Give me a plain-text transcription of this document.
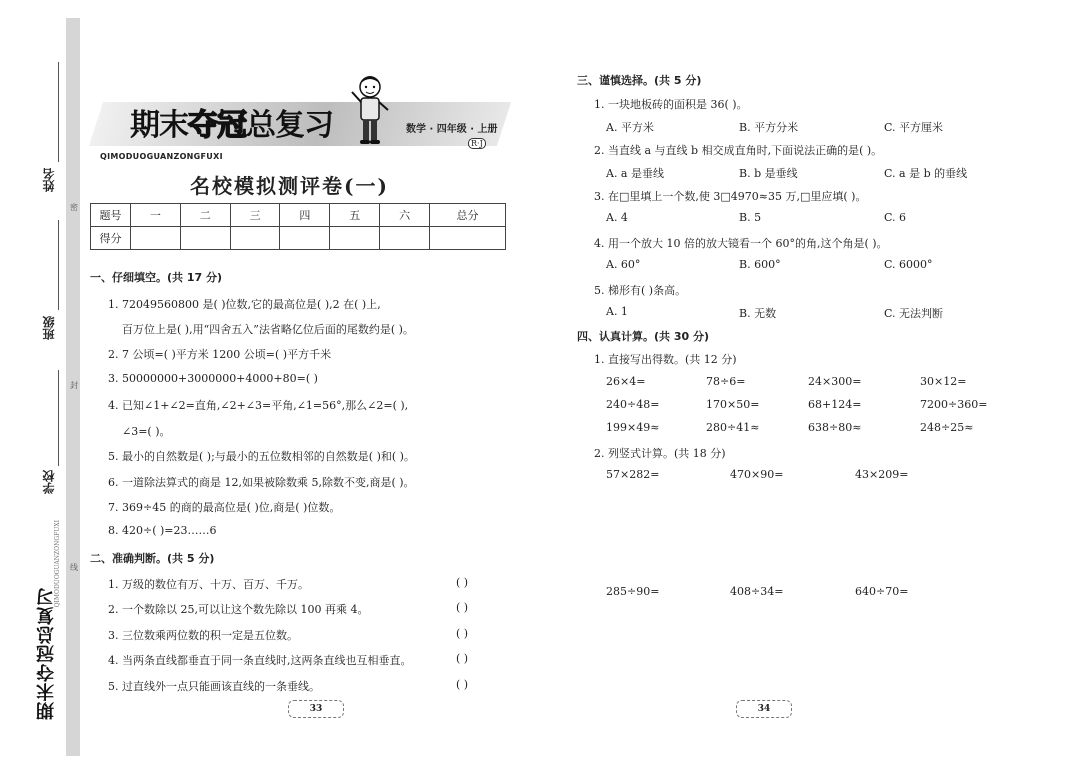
姓名
班级
学校
密
封
线
QIMODUOGUANZONGFUXI
期末夺冠总复习
期末夺冠总复习	数学 · 四年级 · 上册
R·J
QIMODUOGUANZONGFUXI
名校模拟测评卷(一)
题号	一	二	三	四	五	六	总分
得分							
一、仔细填空。(共 17 分)
1. 72049560800 是( )位数,它的最高位是( ),2 在( )上,
百万位上是( ),用“四舍五入”法省略亿位后面的尾数约是( )。
2. 7 公顷=( )平方米 1200 公顷=( )平方千米
3. 50000000+3000000+4000+80=( )
4. 已知∠1+∠2=直角,∠2+∠3=平角,∠1=56°,那么∠2=( ),
∠3=( )。
5. 最小的自然数是( );与最小的五位数相邻的自然数是( )和( )。
6. 一道除法算式的商是 12,如果被除数乘 5,除数不变,商是( )。
7. 369÷45 的商的最高位是( )位,商是( )位数。
8. 420÷( )=23……6
二、准确判断。(共 5 分)
1. 万级的数位有万、十万、百万、千万。	( )
2. 一个数除以 25,可以让这个数先除以 100 再乘 4。	( )
3. 三位数乘两位数的积一定是五位数。	( )
4. 当两条直线都垂直于同一条直线时,这两条直线也互相垂直。	( )
5. 过直线外一点只能画该直线的一条垂线。	( )
33
三、谨慎选择。(共 5 分)
1. 一块地板砖的面积是 36( )。
A. 平方米	B. 平方分米	C. 平方厘米
2. 当直线 a 与直线 b 相交成直角时,下面说法正确的是( )。
A. a 是垂线	B. b 是垂线	C. a 是 b 的垂线
3. 在□里填上一个数,使 3□4970≈35 万,□里应填( )。
A. 4	B. 5	C. 6
4. 用一个放大 10 倍的放大镜看一个 60°的角,这个角是( )。
A. 60°	B. 600°	C. 6000°
5. 梯形有( )条高。
A. 1	B. 无数	C. 无法判断
四、认真计算。(共 30 分)
1. 直接写出得数。(共 12 分)
26×4=	78÷6=	24×300=	30×12=
240÷48=	170×50=	68+124=	7200÷360=
199×49≈	280÷41≈	638÷80≈	248÷25≈
2. 列竖式计算。(共 18 分)
57×282=	470×90=	43×209=
285÷90=	408÷34=	640÷70=
34
